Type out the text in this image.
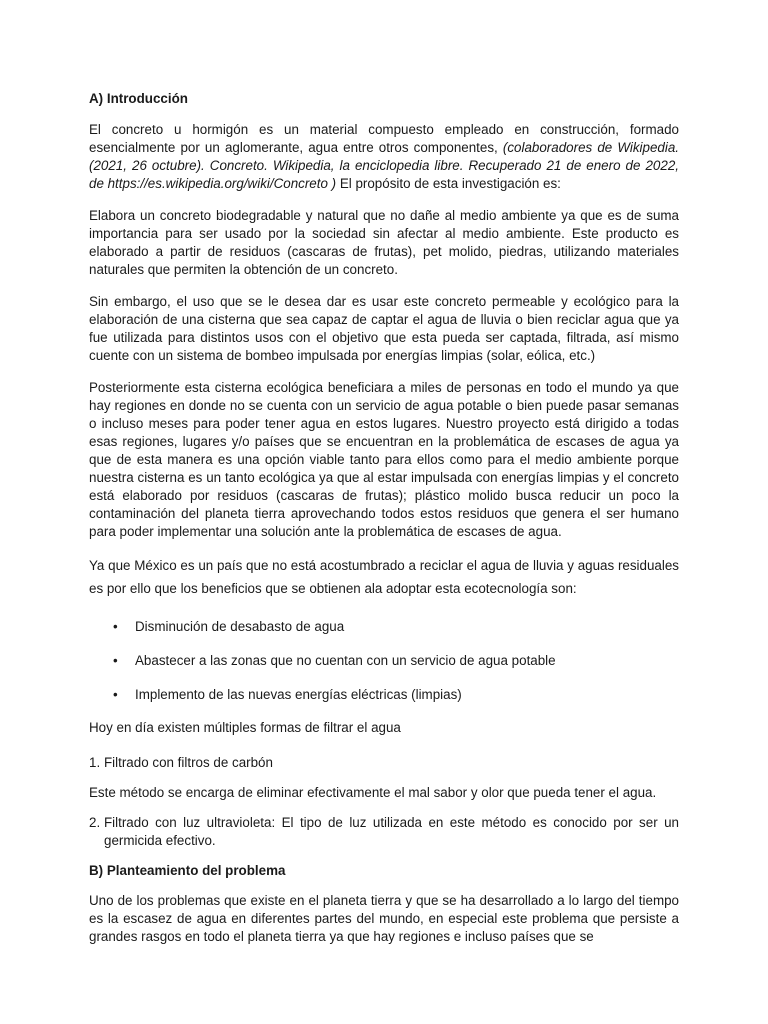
A) Introducción

El concreto u hormigón es un material compuesto empleado en construcción, formado esencialmente por un aglomerante, agua entre otros componentes, (colaboradores de Wikipedia. (2021, 26 octubre). Concreto. Wikipedia, la enciclopedia libre. Recuperado 21 de enero de 2022, de https://es.wikipedia.org/wiki/Concreto ) El propósito de esta investigación es:

Elabora un concreto biodegradable y natural que no dañe al medio ambiente ya que es de suma importancia para ser usado por la sociedad sin afectar al medio ambiente. Este producto es elaborado a partir de residuos (cascaras de frutas), pet molido, piedras, utilizando materiales naturales que permiten la obtención de un concreto.

Sin embargo, el uso que se le desea dar es usar este concreto permeable y ecológico para la elaboración de una cisterna que sea capaz de captar el agua de lluvia o bien reciclar agua que ya fue utilizada para distintos usos con el objetivo que esta pueda ser captada, filtrada, así mismo cuente con un sistema de bombeo impulsada por energías limpias (solar, eólica, etc.)

Posteriormente esta cisterna ecológica beneficiara a miles de personas en todo el mundo ya que hay regiones en donde no se cuenta con un servicio de agua potable o bien puede pasar semanas o incluso meses para poder tener agua en estos lugares. Nuestro proyecto está dirigido a todas esas regiones, lugares y/o países que se encuentran en la problemática de escases de agua ya que de esta manera es una opción viable tanto para ellos como para el medio ambiente porque nuestra cisterna es un tanto ecológica ya que al estar impulsada con energías limpias y el concreto está elaborado por residuos (cascaras de frutas); plástico molido busca reducir un poco la contaminación del planeta tierra aprovechando todos estos residuos que genera el ser humano para poder implementar una solución ante la problemática de escases de agua.

Ya que México es un país que no está acostumbrado a reciclar el agua de lluvia y aguas residuales es por ello que los beneficios que se obtienen ala adoptar esta ecotecnología son:

• Disminución de desabasto de agua
• Abastecer a las zonas que no cuentan con un servicio de agua potable
• Implemento de las nuevas energías eléctricas (limpias)

Hoy en día existen múltiples formas de filtrar el agua

1. Filtrado con filtros de carbón

Este método se encarga de eliminar efectivamente el mal sabor y olor que pueda tener el agua.

2. Filtrado con luz ultravioleta: El tipo de luz utilizada en este método es conocido por ser un germicida efectivo.

B) Planteamiento del problema

Uno de los problemas que existe en el planeta tierra y que se ha desarrollado a lo largo del tiempo es la escasez de agua en diferentes partes del mundo, en especial este problema que persiste a grandes rasgos en todo el planeta tierra ya que hay regiones e incluso países que se
